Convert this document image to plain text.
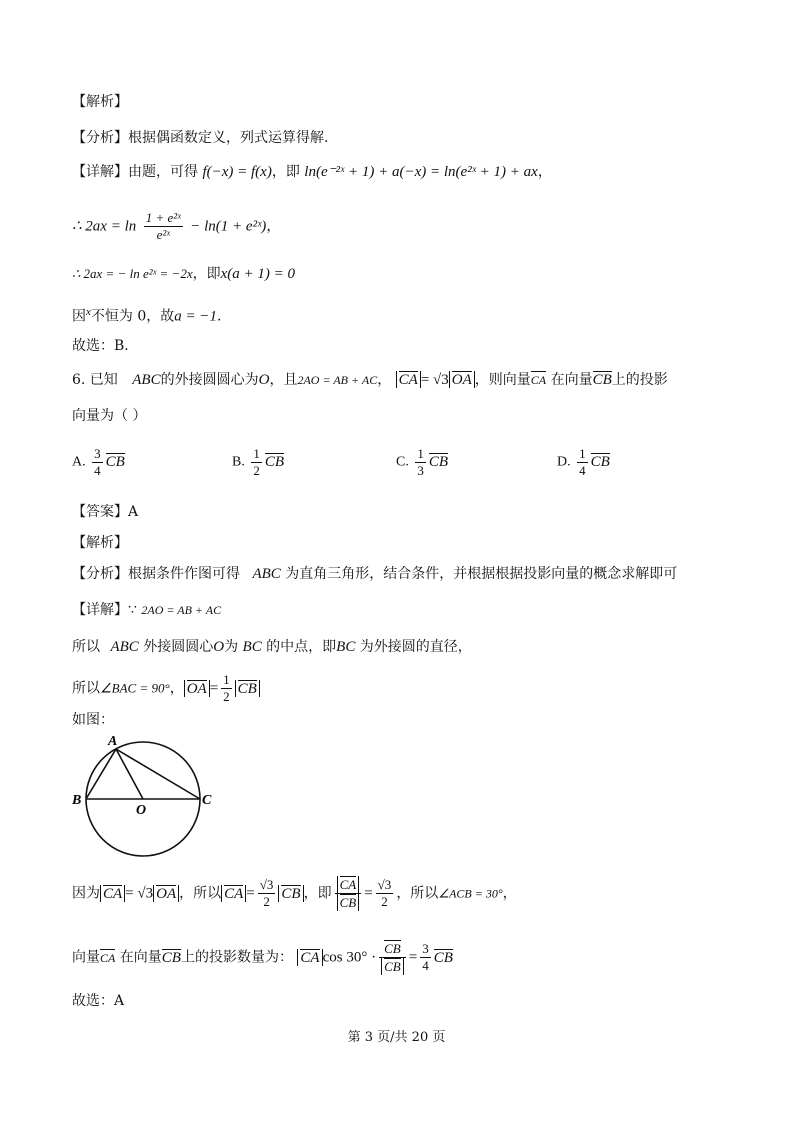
【解析】
【分析】根据偶函数定义，列式运算得解.
【详解】由题，可得 f(−x) = f(x)，即 ln(e⁻²ˣ + 1) + a(−x) = ln(e²ˣ + 1) + ax，
∴ $2ax = \ln \frac{\text{1 + e²ˣ}}{\text{e²ˣ}} - \ln(1$ + e²ˣ)，
∴ 2ax = − ln e²ˣ = −2x，即x(a + 1) = 0
因$^x$不恒为 0，故a = −1.
故选：B.
6. 已知 ABC的外接圆圆心为O，且2AO = AB + AC， CA = √3 OA ，则向量CA 在向量CB上的投影
向量为（ ）
A. $\frac{3}{4}$ CB	B. $\frac{1}{2}$ CB	C. $\frac{1}{3}$ CB	D. $\frac{1}{4}$ CB
【答案】A
【解析】
【分析】根据条件作图可得 ABC 为直角三角形，结合条件，并根据根据投影向量的概念求解即可
【详解】∵ 2AO = AB + AC
所以 ABC 外接圆圆心O为 BC 的中点，即BC 为外接圆的直径，
所以∠BAC = 90°， OA = $\frac{1}{2}$ CB
如图：
A
B	C
O
因为 CA = √3 OA ，所以 CA = $\frac{√3}{2}$ CB ，即 $\frac{CA}{CB} = \frac{√3}{2}$ ，所以∠ACB = 30°，
向量CA 在向量CB上的投影数量为： CA $\cos 30^\circ \cdot \frac{CB}{CB} = \frac{3}{4}$ CB
故选：A
第 3 页/共 20 页
